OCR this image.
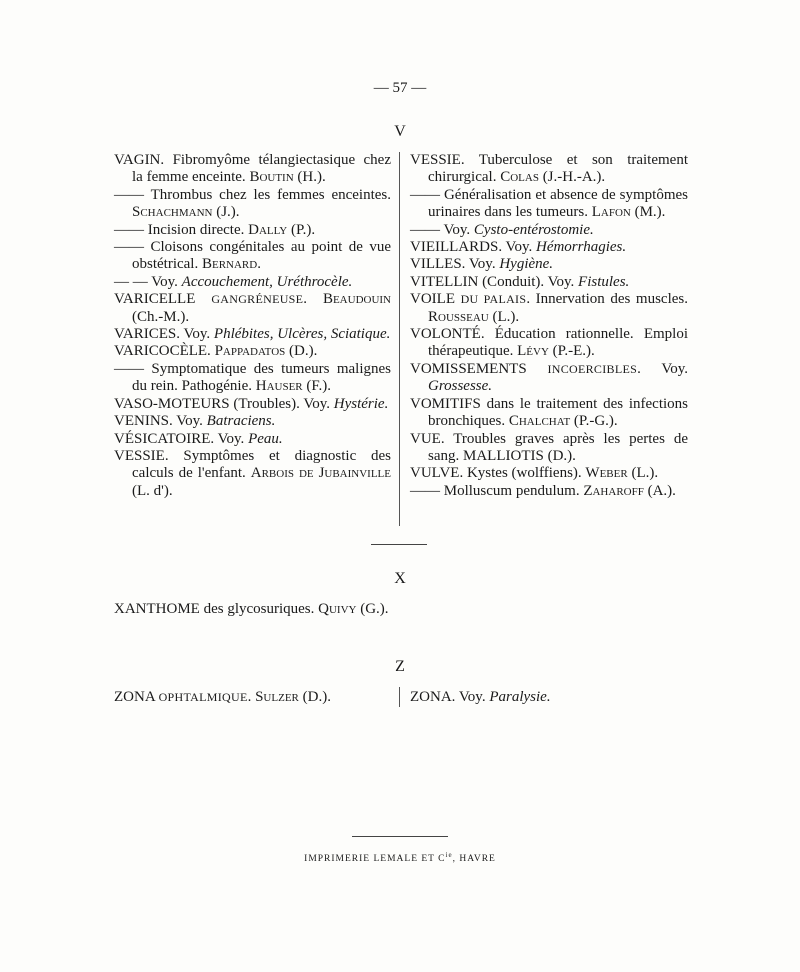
— 57 —
V

VAGIN. Fibromyôme télangiectasique chez la femme enceinte. Boutin (H.).

—— Thrombus chez les femmes enceintes. Schachmann (J.).

—— Incision directe. Dally (P.).

—— Cloisons congénitales au point de vue obstétrical. Bernard.

— — Voy. Accouchement, Uréthrocèle.

VARICELLE GANGRÉNEUSE. Beaudouin (Ch.-M.).

VARICES. Voy. Phlébites, Ulcères, Sciatique.

VARICOCÈLE. Pappadatos (D.).

—— Symptomatique des tumeurs malignes du rein. Pathogénie. Hauser (F.).

VASO-MOTEURS (Troubles). Voy. Hystérie.

VENINS. Voy. Batraciens.

VÉSICATOIRE. Voy. Peau.

VESSIE. Symptômes et diagnostic des calculs de l'enfant. Arbois de Jubainville (L. d').

VESSIE. Tuberculose et son traitement chirurgical. Colas (J.-H.-A.).

—— Généralisation et absence de symptômes urinaires dans les tumeurs. Lafon (M.).

—— Voy. Cysto-entérostomie.

VIEILLARDS. Voy. Hémorrhagies.

VILLES. Voy. Hygiène.

VITELLIN (Conduit). Voy. Fistules.

VOILE DU PALAIS. Innervation des muscles. Rousseau (L.).

VOLONTÉ. Éducation rationnelle. Emploi thérapeutique. Lévy (P.-E.).

VOMISSEMENTS INCOERCIBLES. Voy. Grossesse.

VOMITIFS dans le traitement des infections bronchiques. Chalchat (P.-G.).

VUE. Troubles graves après les pertes de sang. MALLIOTIS (D.).

VULVE. Kystes (wolffiens). Weber (L.).

—— Molluscum pendulum. Zaharoff (A.).

X
XANTHOME des glycosuriques. Quivy (G.).
Z
ZONA OPHTALMIQUE. Sulzer (D.).	ZONA. Voy. Paralysie.
IMPRIMERIE LEMALE ET $C^{ie}$, HAVRE
